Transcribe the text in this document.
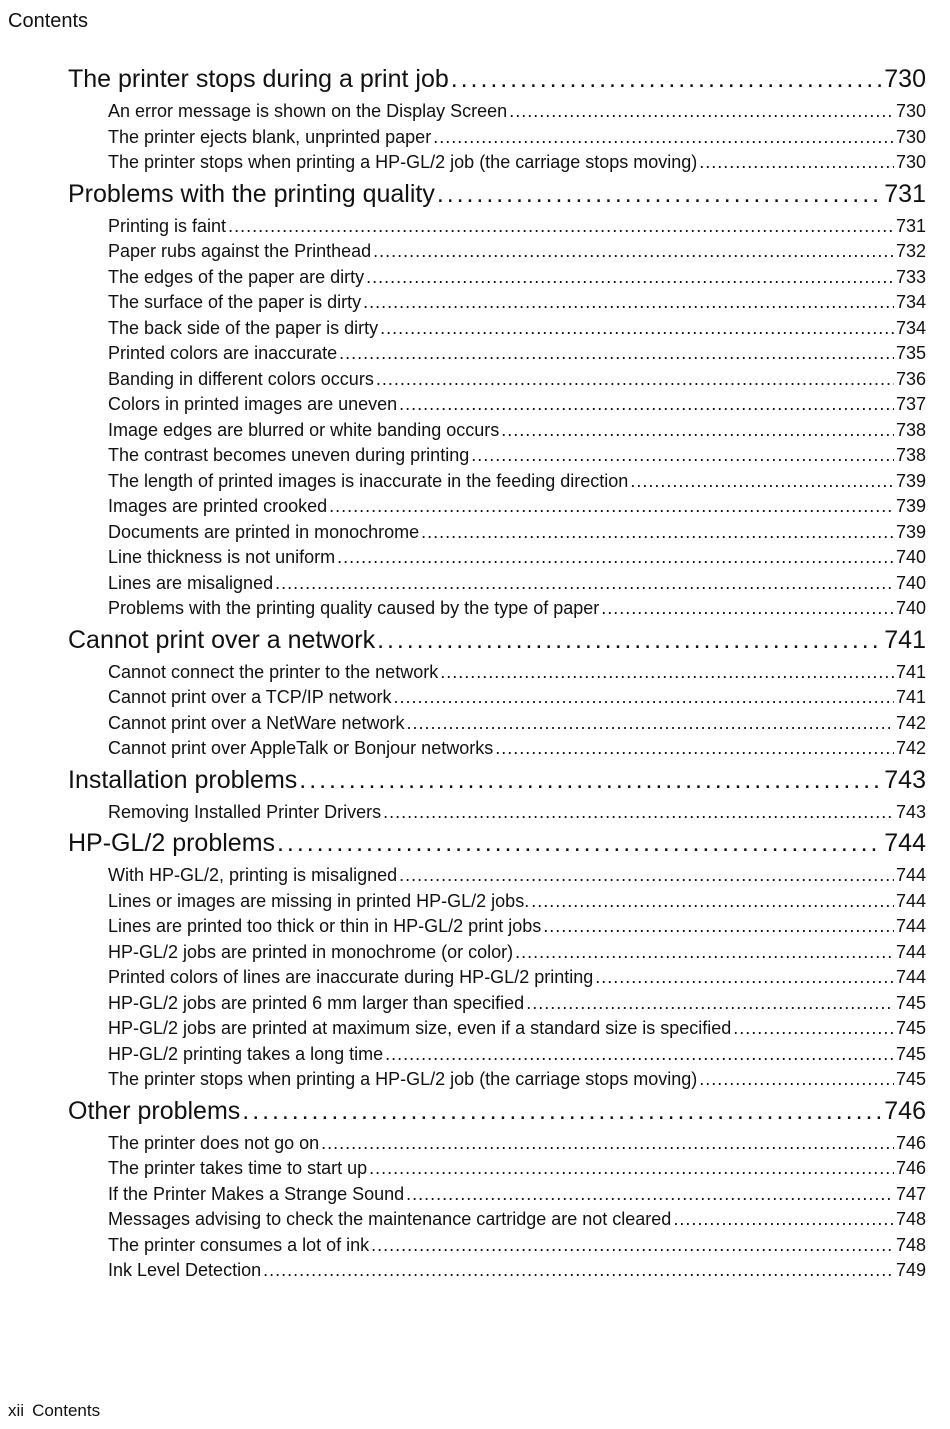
Contents
The printer stops during a print job . . .	730
An error message is shown on the Display Screen . . .	730
The printer ejects blank, unprinted paper . . .	730
The printer stops when printing a HP-GL/2 job (the carriage stops moving) . . .	730
Problems with the printing quality . . .	731
Printing is faint . . .	731
Paper rubs against the Printhead . . .	732
The edges of the paper are dirty . . .	733
The surface of the paper is dirty . . .	734
The back side of the paper is dirty . . .	734
Printed colors are inaccurate . . .	735
Banding in different colors occurs . . .	736
Colors in printed images are uneven . . .	737
Image edges are blurred or white banding occurs . . .	738
The contrast becomes uneven during printing . . .	738
The length of printed images is inaccurate in the feeding direction . . .	739
Images are printed crooked . . .	739
Documents are printed in monochrome . . .	739
Line thickness is not uniform . . .	740
Lines are misaligned . . .	740
Problems with the printing quality caused by the type of paper . . .	740
Cannot print over a network . . .	741
Cannot connect the printer to the network . . .	741
Cannot print over a TCP/IP network . . .	741
Cannot print over a NetWare network . . .	742
Cannot print over AppleTalk or Bonjour networks . . .	742
Installation problems . . .	743
Removing Installed Printer Drivers . . .	743
HP-GL/2 problems . . .	744
With HP-GL/2, printing is misaligned . . .	744
Lines or images are missing in printed HP-GL/2 jobs. . . .	744
Lines are printed too thick or thin in HP-GL/2 print jobs . . .	744
HP-GL/2 jobs are printed in monochrome (or color) . . .	744
Printed colors of lines are inaccurate during HP-GL/2 printing . . .	744
HP-GL/2 jobs are printed 6 mm larger than specified . . .	745
HP-GL/2 jobs are printed at maximum size, even if a standard size is specified . . .	745
HP-GL/2 printing takes a long time . . .	745
The printer stops when printing a HP-GL/2 job (the carriage stops moving) . . .	745
Other problems . . .	746
The printer does not go on . . .	746
The printer takes time to start up . . .	746
If the Printer Makes a Strange Sound . . .	747
Messages advising to check the maintenance cartridge are not cleared . . .	748
The printer consumes a lot of ink . . .	748
Ink Level Detection . . .	749
xii Contents
